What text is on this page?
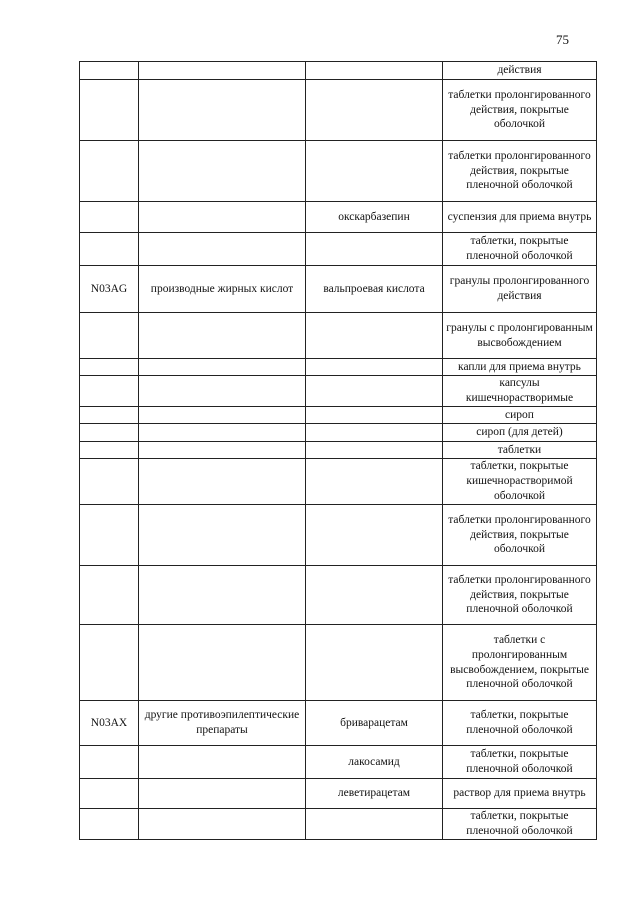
75
			действия
			таблетки пролонгированного действия, покрытые оболочкой
			таблетки пролонгированного действия, покрытые пленочной оболочкой
		окскарбазепин	суспензия для приема внутрь
			таблетки, покрытые пленочной оболочкой
N03AG	производные жирных кислот	вальпроевая кислота	гранулы пролонгированного действия
			гранулы с пролонгированным высвобождением
			капли для приема внутрь
			капсулы кишечнорастворимые
			сироп
			сироп (для детей)
			таблетки
			таблетки, покрытые кишечнорастворимой оболочкой
			таблетки пролонгированного действия, покрытые оболочкой
			таблетки пролонгированного действия, покрытые пленочной оболочкой
			таблетки с пролонгированным высвобождением, покрытые пленочной оболочкой
N03AX	другие противоэпилептические препараты	бриварацетам	таблетки, покрытые пленочной оболочкой
		лакосамид	таблетки, покрытые пленочной оболочкой
		леветирацетам	раствор для приема внутрь
			таблетки, покрытые пленочной оболочкой
